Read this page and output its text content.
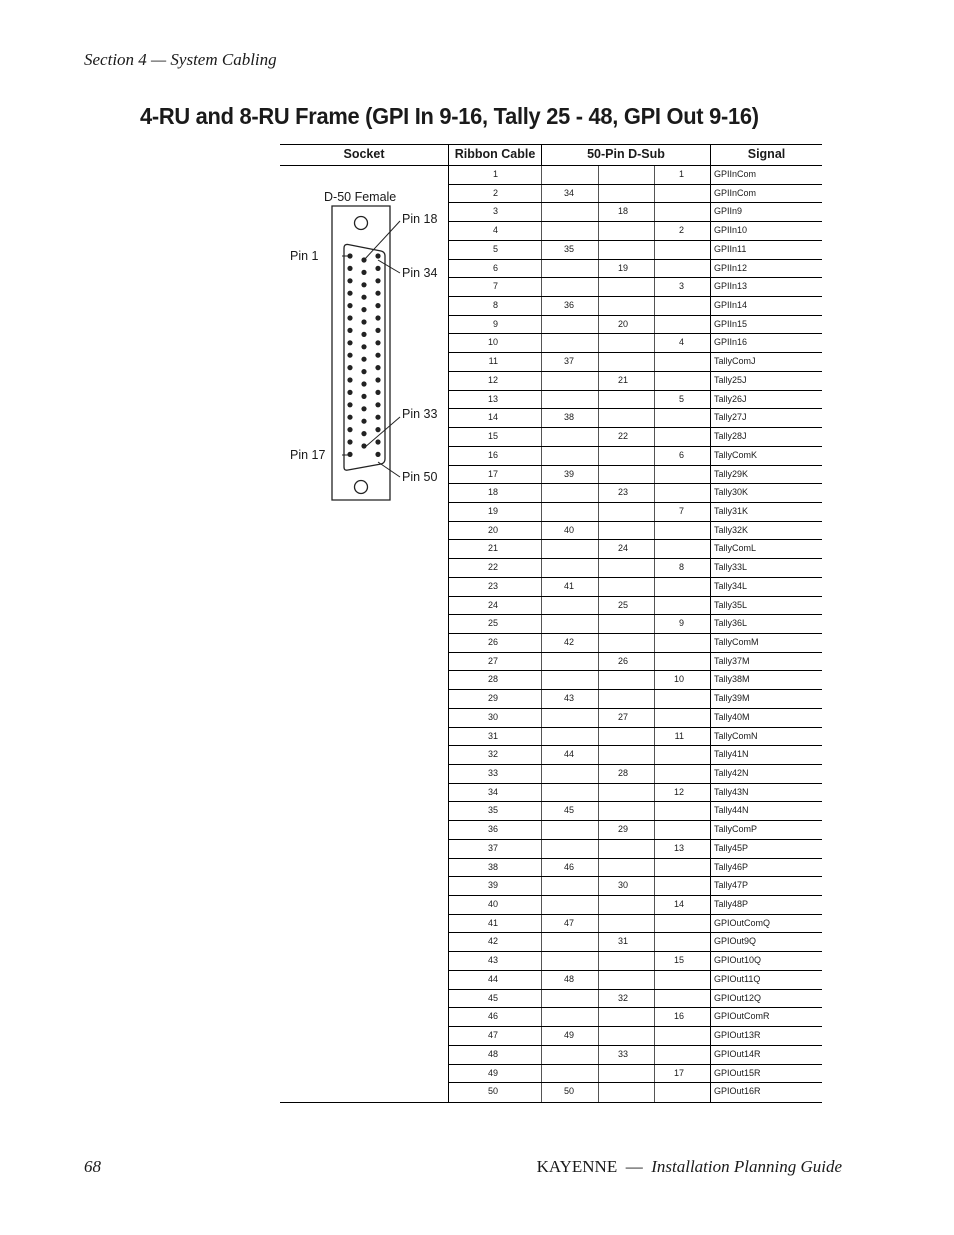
Section 4 — System Cabling
4-RU and 8-RU Frame (GPI In 9-16, Tally 25 - 48, GPI Out 9-16)
Socket	Ribbon Cable	50-Pin D-Sub	Signal
D-50 Female
Pin 18
Pin 1
Pin 34
Pin 33
Pin 17
Pin 50
1	1	GPIInCom
2	34	GPIInCom
3	18	GPIIn9
4	2	GPIIn10
5	35	GPIIn11
6	19	GPIIn12
7	3	GPIIn13
8	36	GPIIn14
9	20	GPIIn15
10	4	GPIIn16
11	37	TallyComJ
12	21	Tally25J
13	5	Tally26J
14	38	Tally27J
15	22	Tally28J
16	6	TallyComK
17	39	Tally29K
18	23	Tally30K
19	7	Tally31K
20	40	Tally32K
21	24	TallyComL
22	8	Tally33L
23	41	Tally34L
24	25	Tally35L
25	9	Tally36L
26	42	TallyComM
27	26	Tally37M
28	10	Tally38M
29	43	Tally39M
30	27	Tally40M
31	11	TallyComN
32	44	Tally41N
33	28	Tally42N
34	12	Tally43N
35	45	Tally44N
36	29	TallyComP
37	13	Tally45P
38	46	Tally46P
39	30	Tally47P
40	14	Tally48P
41	47	GPIOutComQ
42	31	GPIOut9Q
43	15	GPIOut10Q
44	48	GPIOut11Q
45	32	GPIOut12Q
46	16	GPIOutComR
47	49	GPIOut13R
48	33	GPIOut14R
49	17	GPIOut15R
50	50	GPIOut16R
68	KAYENNE — Installation Planning Guide
